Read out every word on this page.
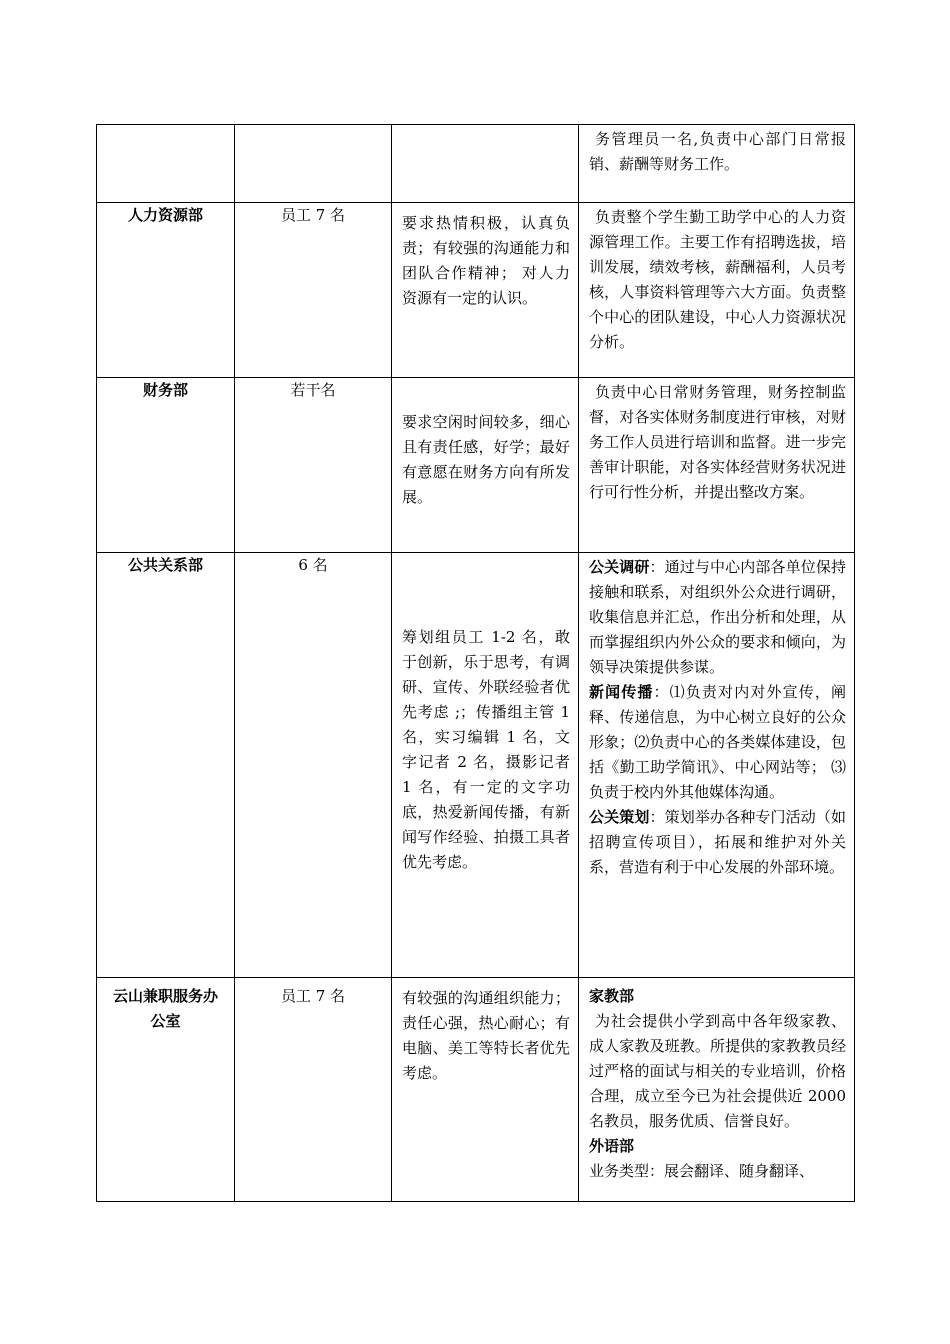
			务管理员一名,负责中心部门日常报销、薪酬等财务工作。

人力资源部	员工 7 名	要求热情积极，认真负责；有较强的沟通能力和团队合作精神； 对人力资源有一定的认识。	负责整个学生勤工助学中心的人力资源管理工作。主要工作有招聘选拔，培训发展，绩效考核，薪酬福利，人员考核，人事资料管理等六大方面。负责整个中心的团队建设，中心人力资源状况分析。

财务部	若干名	要求空闲时间较多，细心且有责任感，好学；最好有意愿在财务方向有所发展。	负责中心日常财务管理，财务控制监督，对各实体财务制度进行审核，对财务工作人员进行培训和监督。进一步完善审计职能，对各实体经营财务状况进行可行性分析，并提出整改方案。

公共关系部	6 名	筹划组员工 1-2 名，敢于创新，乐于思考，有调研、宣传、外联经验者优先考虑 ;；传播组主管 1 名，实习编辑 1 名，文字记者 2 名，摄影记者 1 名，有一定的文字功底，热爱新闻传播，有新闻写作经验、拍摄工具者优先考虑。	公关调研：通过与中心内部各单位保持接触和联系，对组织外公众进行调研，收集信息并汇总，作出分析和处理，从而掌握组织内外公众的要求和倾向，为领导决策提供参谋。
新闻传播：⑴负责对内对外宣传，阐释、传递信息，为中心树立良好的公众形象；⑵负责中心的各类媒体建设，包括《勤工助学简讯》、中心网站等； ⑶负责于校内外其他媒体沟通。
公关策划：策划举办各种专门活动（如招聘宣传项目），拓展和维护对外关系，营造有利于中心发展的外部环境。

云山兼职服务办公室	员工 7 名	有较强的沟通组织能力；责任心强，热心耐心；有电脑、美工等特长者优先考虑。	家教部
为社会提供小学到高中各年级家教、成人家教及班教。所提供的家教教员经过严格的面试与相关的专业培训，价格合理，成立至今已为社会提供近 2000 名教员，服务优质、信誉良好。
外语部
业务类型：展会翻译、随身翻译、
